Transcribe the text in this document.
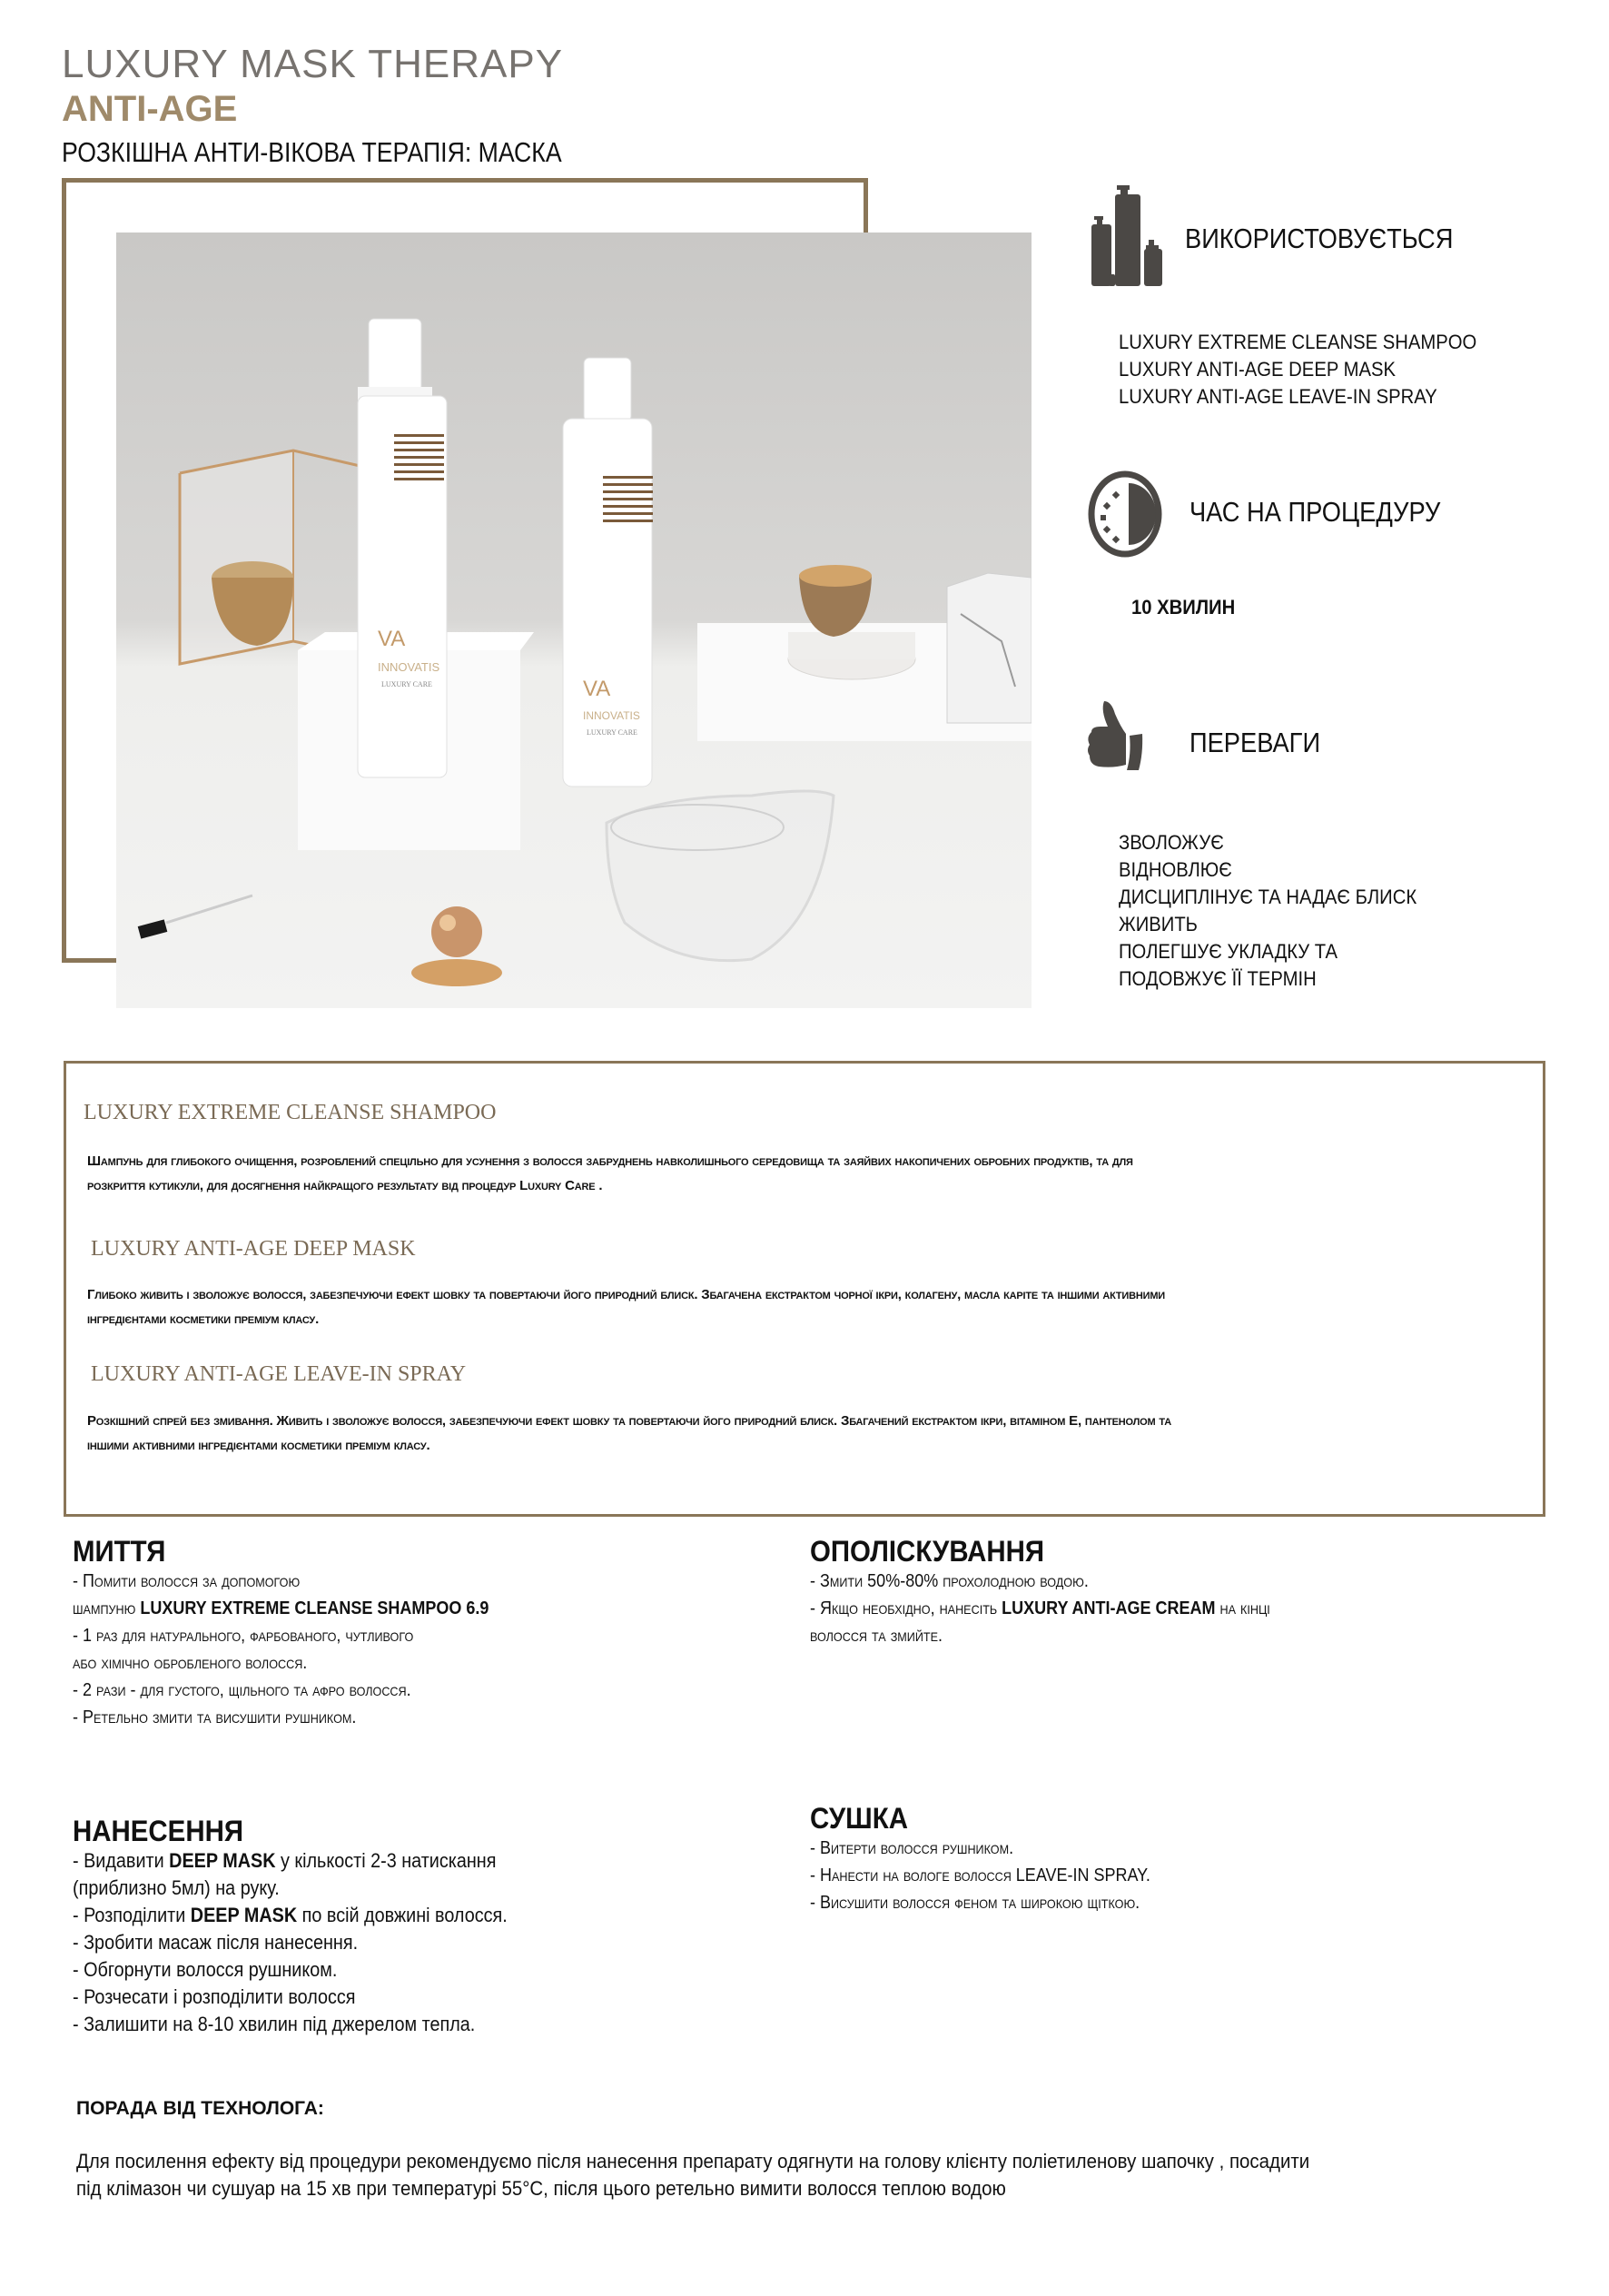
LUXURY MASK THERAPY
ANTI-AGE
РОЗКІШНА АНТИ-ВІКОВА ТЕРАПІЯ: МАСКА
VA
INNOVATIS
LUXURY CARE	VA
INNOVATIS
LUXURY CARE
ВИКОРИСТОВУЄТЬСЯ
LUXURY EXTREME CLEANSE SHAMPOO
LUXURY ANTI-AGE DEEP MASK
LUXURY ANTI-AGE LEAVE-IN SPRAY
ЧАС НА ПРОЦЕДУРУ
10 ХВИЛИН
ПЕРЕВАГИ
ЗВОЛОЖУЄ
ВІДНОВЛЮЄ
ДИСЦИПЛІНУЄ ТА НАДАЄ БЛИСК
ЖИВИТЬ
ПОЛЕГШУЄ УКЛАДКУ ТА
ПОДОВЖУЄ ЇЇ ТЕРМІН
LUXURY EXTREME CLEANSE SHAMPOO
Шампунь для глибокого очищення, розроблений спецільно для усунення з волосся забруднень навколишнього середовища та заяйвих накопичених обробних продуктів, та для
розкриття кутикули, для досягнення найкращого результату від процедур Luxury Care .
LUXURY ANTI-AGE DEEP MASK
Глибоко живить і зволожує волосся, забезпечуючи ефект шовку та повертаючи його природний блиск. Збагачена екстрактом чорної ікри, колагену, масла каріте та іншими активними
інгредієнтами косметики преміум класу.
LUXURY ANTI-AGE LEAVE-IN SPRAY
Розкішний спрей без змивання. Живить і зволожує волосся, забезпечуючи ефект шовку та повертаючи його природний блиск. Збагачений екстрактом ікри, вітаміном Е, пантенолом та
іншими активними інгредієнтами косметики преміум класу.
МИТТЯ
- Помити волосся за допомогою
шампуню LUXURY EXTREME CLEANSE SHAMPOO 6.9
- 1 раз для натурального, фарбованого, чутливого
або хімічно обробленого волосся.
- 2 рази - для густого, щільного та афро волосся.
- Ретельно змити та висушити рушником.
ОПОЛІСКУВАННЯ
- Змити 50%-80% прохолодною водою.
- Якщо необхідно, нанесіть LUXURY ANTI-AGE CREAM на кінці
волосся та змийте.
НАНЕСЕННЯ
- Видавити DEEP MASK у кількості 2-3 натискання
(приблизно 5мл) на руку.
- Розподілити DEEP MASK по всій довжині волосся.
- Зробити масаж після нанесення.
- Обгорнути волосся рушником.
- Розчесати і розподілити волосся
- Залишити на 8-10 хвилин під джерелом тепла.
СУШКА
- Витерти волосся рушником.
- Нанести на вологе волосся LEAVE-IN SPRAY.
- Висушити волосся феном та широкою щіткою.
ПОРАДА ВІД ТЕХНОЛОГА:
Для посилення ефекту від процедури рекомендуємо після нанесення препарату одягнути на голову клієнту поліетиленову шапочку , посадити під клімазон чи сушуар на 15 хв при температурі 55°C, після цього ретельно вимити волосся теплою водою
